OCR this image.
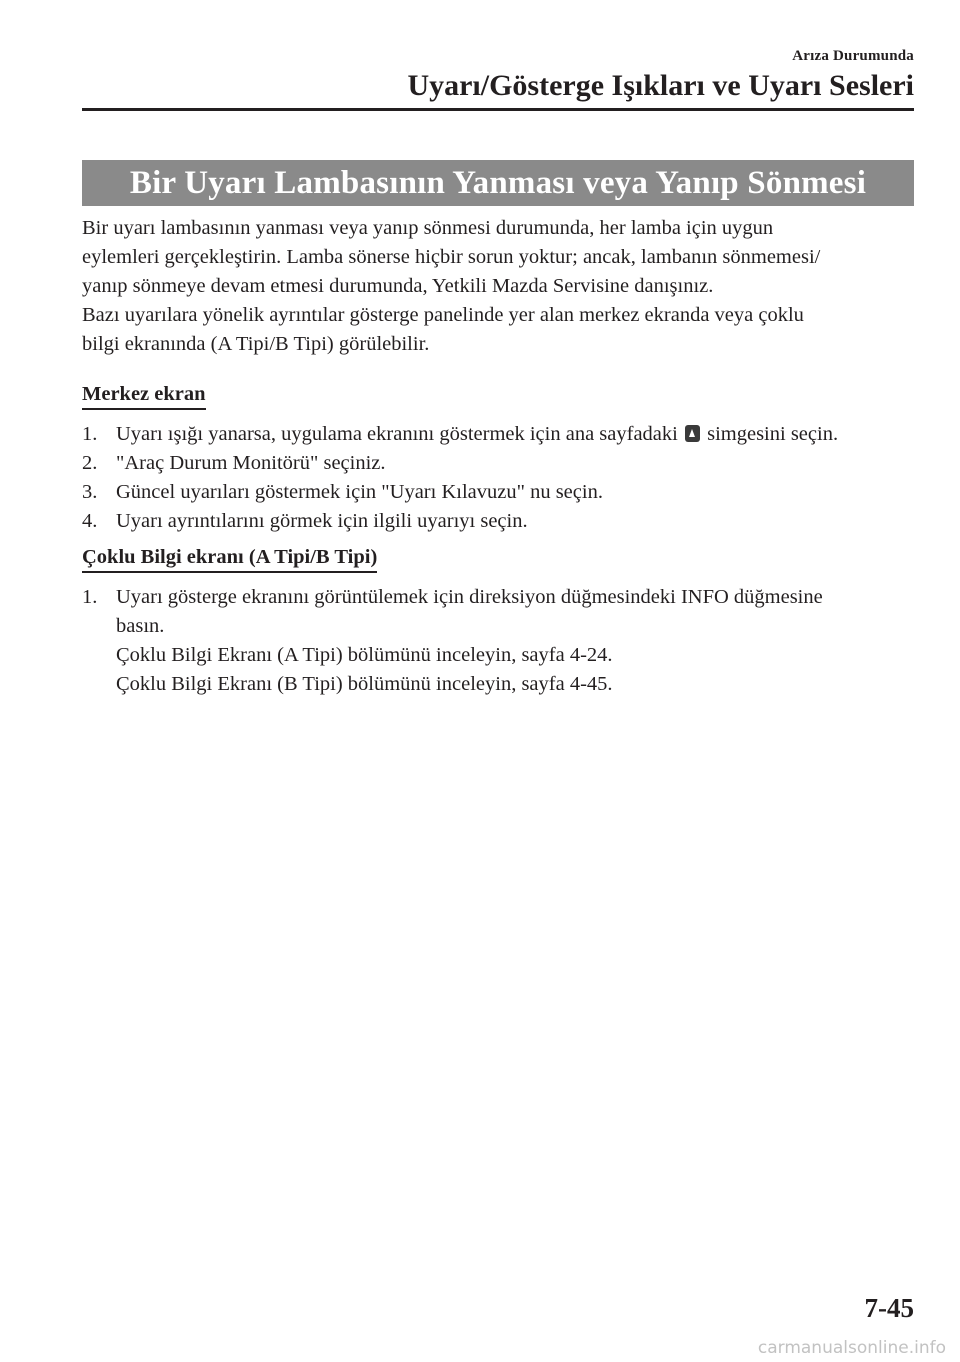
Arıza Durumunda
Uyarı/Gösterge Işıkları ve Uyarı Sesleri
Bir Uyarı Lambasının Yanması veya Yanıp Sönmesi

Bir uyarı lambasının yanması veya yanıp sönmesi durumunda, her lamba için uygun

eylemleri gerçekleştirin. Lamba sönerse hiçbir sorun yoktur; ancak, lambanın sönmemesi/

yanıp sönmeye devam etmesi durumunda, Yetkili Mazda Servisine danışınız.

Bazı uyarılara yönelik ayrıntılar gösterge panelinde yer alan merkez ekranda veya çoklu

bilgi ekranında (A Tipi/B Tipi) görülebilir.

Merkez ekran
1. Uyarı ışığı yanarsa, uygulama ekranını göstermek için ana sayfadaki simgesini seçin.
2. "Araç Durum Monitörü" seçiniz.
3. Güncel uyarıları göstermek için "Uyarı Kılavuzu" nu seçin.
4. Uyarı ayrıntılarını görmek için ilgili uyarıyı seçin.
Çoklu Bilgi ekranı (A Tipi/B Tipi)
1. Uyarı gösterge ekranını görüntülemek için direksiyon düğmesindeki INFO düğmesine

basın.

Çoklu Bilgi Ekranı (A Tipi) bölümünü inceleyin, sayfa 4-24.

Çoklu Bilgi Ekranı (B Tipi) bölümünü inceleyin, sayfa 4-45.

7-45
carmanualsonline.info
